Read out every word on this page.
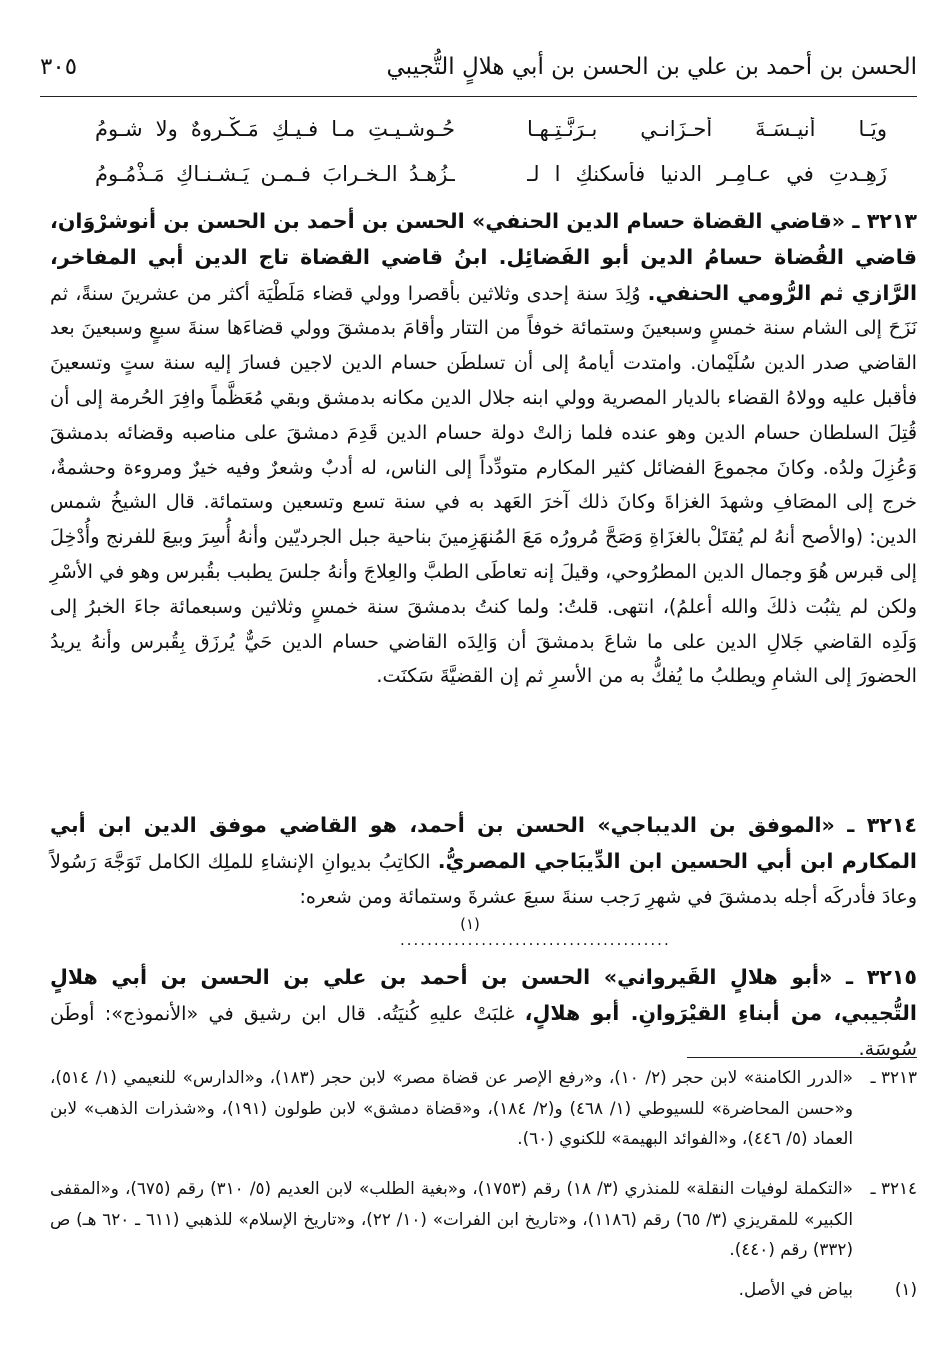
الحسن بن أحمد بن علي بن الحسن بن أبي هلالٍ التُّجيبي
٣٠٥
ويَـا أنيـسَـةَ أحـزَانـي بـرَنَّـتِـهـا
حُـوشـيـتِ مـا فـيـكِ مَـكْـروهٌ ولا شـومُ
زَهِـدتِ في عـامِـرِ الدنيا فأسكنكِ ا لـ
ـزُهـدُ الـخـرابَ فـمـن يَـشـنـاكِ مَـذْمُـومُ
٣٢١٣ ـ «قاضي القضاة حسام الدين الحنفي» الحسن بن أحمد بن الحسن بن أنوشرْوَان، قاضي القُضاة حسامُ الدين أبو الفَضائِل. ابنُ قاضي القضاة تاج الدين أبي المفاخر، الرَّازي ثم الرُّومي الحنفي. وُلِدَ سنة إحدى وثلاثين بأقصرا وولي قضاء مَلَطْيَة أكثر من عشرينَ سنةً، ثم نَزَحَ إلى الشام سنة خمسٍ وسبعينَ وستمائة خوفاً من التتار وأقامَ بدمشقَ وولي قضاءَها سنةَ سبعٍ وسبعينَ بعد القاضي صدر الدين سُلَيْمان. وامتدت أيامهُ إلى أن تسلطَن حسام الدين لاجين فسارَ إليه سنة ستٍ وتسعينَ فأقبل عليه وولاهُ القضاء بالديار المصرية وولي ابنه جلال الدين مكانه بدمشق وبقي مُعَظَّماً وافِرَ الحُرمة إلى أن قُتِلَ السلطان حسام الدين وهو عنده فلما زالتْ دولة حسام الدين قَدِمَ دمشقَ على مناصبه وقضائه بدمشقَ وَعُزِلَ ولدُه. وكانَ مجموعَ الفضائل كثير المكارم متودِّداً إلى الناس، له أدبٌ وشعرٌ وفيه خيرٌ ومروءة وحشمةٌ، خرج إلى المصَافِ وشهدَ الغزاةَ وكانَ ذلك آخرَ العَهد به في سنة تسع وتسعين وستمائة. قال الشيخُ شمس الدين: (والأصح أنهُ لم يُقتَلْ بالغزَاةِ وَصَحَّ مُرورُه مَعَ المُنهَزِمينَ بناحية جبل الجرديّين وأنهُ أُسِرَ وبيعَ للفرنج وأُدْخِلَ إلى قبرس هُوَ وجمال الدين المطرُوحي، وقيلَ إنه تعاطَى الطبَّ والعِلاجَ وأنهُ جلسَ يطبب بقُبرس وهو في الأسْرِ ولكن لم يثبُت ذلكَ والله أعلمُ)، انتهى. قلتُ: ولما كنتُ بدمشقَ سنة خمسٍ وثلاثين وسبعمائة جاءَ الخبرُ إلى وَلَدِه القاضي جَلالِ الدين على ما شاعَ بدمشقَ أن وَالِدَه القاضي حسام الدين حَيٌّ يُرزَق بِقُبرس وأنهُ يريدُ الحضورَ إلى الشامِ ويطلبُ ما يُفكُّ به من الأسرِ ثم إن القضيَّةَ سَكنَت.
٣٢١٤ ـ «الموفق بن الديباجي» الحسن بن أحمد، هو القاضي موفق الدين ابن أبي المكارم ابن أبي الحسين ابن الدِّيبَاجي المصريُّ. الكاتِبُ بديوانِ الإنشاءِ للملِك الكامل تَوَجَّهَ رَسُولاً وعادَ فأدركَه أجله بدمشقَ في شهرِ رَجب سنةَ سبعَ عشرةَ وستمائة ومن شعره:
(١)
........................................
٣٢١٥ ـ «أبو هلالٍ القَيرواني» الحسن بن أحمد بن علي بن الحسن بن أبي هلالٍ التُّجيبي، من أبناءِ القيْرَوانِ. أبو هلالٍ، غلبَتْ عليهِ كُنيَتُه. قال ابن رشيق في «الأنموذج»: أوطَن سُوسَة.
٣٢١٣ ـ
«الدرر الكامنة» لابن حجر (٢/ ١٠)، و«رفع الإصر عن قضاة مصر» لابن حجر (١٨٣)، و«الدارس» للنعيمي (١/ ٥١٤)، و«حسن المحاضرة» للسيوطي (١/ ٤٦٨) و(٢/ ١٨٤)، و«قضاة دمشق» لابن طولون (١٩١)، و«شذرات الذهب» لابن العماد (٥/ ٤٤٦)، و«الفوائد البهيمة» للكنوي (٦٠).
٣٢١٤ ـ
«التكملة لوفيات النقلة» للمنذري (٣/ ١٨) رقم (١٧٥٣)، و«بغية الطلب» لابن العديم (٥/ ٣١٠) رقم (٦٧٥)، و«المقفى الكبير» للمقريزي (٣/ ٦٥) رقم (١١٨٦)، و«تاريخ ابن الفرات» (١٠/ ٢٢)، و«تاريخ الإسلام» للذهبي (٦١١ ـ ٦٢٠ هـ) ص (٣٣٢) رقم (٤٤٠).
(١)
بياض في الأصل.
